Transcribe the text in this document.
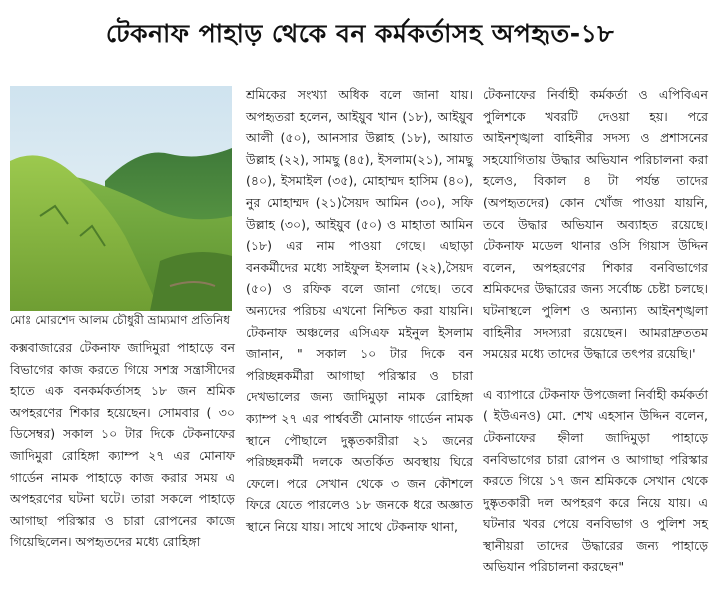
টেকনাফ পাহাড় থেকে বন কর্মকর্তাসহ অপহৃত-১৮

মোঃ মোরশেদ আলম চৌধুরী ভ্রাম্যমাণ প্রতিনিধ

কক্সবাজারের টেকনাফ জাদিমুরা পাহাড়ে বন বিভাগের কাজ করতে গিয়ে সশস্ত্র সন্ত্রাসীদের হাতে এক বনকর্মকর্তাসহ ১৮ জন শ্রমিক অপহরণের শিকার হয়েছেন। সোমবার ( ৩০ ডিসেম্বর) সকাল ১০ টার দিকে টেকনাফের জাদিমুরা রোহিঙ্গা ক্যাম্প ২৭ এর মোনাফ গার্ডেন নামক পাহাড়ে কাজ করার সময় এ অপহরণের ঘটনা ঘটে। তারা সকলে পাহাড়ে আগাছা পরিস্কার ও চারা রোপনের কাজে গিয়েছিলেন। অপহৃতদের মধ্যে রোহিঙ্গা

শ্রমিকের সংখ্যা অধিক বলে জানা যায়। অপহৃতরা হলেন, আইয়ুব খান (১৮), আইয়ুব আলী (৫০), আনসার উল্লাহ (১৮), আয়াত উল্লাহ (২২), সামছু (৪৫), ইসলাম(২১), সামছু (৪০), ইসমাইল (৩৫), মোহাম্মদ হাসিম (৪০), নুর মোহাম্মদ (২১)সৈয়দ আমিন (৩০), সফি উল্লাহ (৩০), আইয়ুব (৫০) ও মাহাতা আমিন (১৮) এর নাম পাওয়া গেছে। এছাড়া বনকর্মীদের মধ্যে সাইফুল ইসলাম (২২),সৈয়দ (৫০) ও রফিক বলে জানা গেছে। তবে অন্যদের পরিচয় এখনো নিশ্চিত করা যায়নি।টেকনাফ অঞ্চলের এসিএফ মইনুল ইসলাম জানান, " সকাল ১০ টার দিকে বন পরিচ্ছন্নকর্মীরা আগাছা পরিস্কার ও চারা দেখভালের জন্য জাদিমুড়া নামক রোহিঙ্গা ক্যাম্প ২৭ এর পার্শ্ববর্তী মোনাফ গার্ডেন নামক স্থানে পৌছালে দুষ্কৃতকারীরা ২১ জনের পরিচ্ছন্নকর্মী দলকে অতর্কিত অবস্থায় ঘিরে ফেলে। পরে সেখান থেকে ৩ জন কৌশলে ফিরে যেতে পারলেও ১৮ জনকে ধরে অজ্ঞাত স্থানে নিয়ে যায়। সাথে সাথে টেকনাফ থানা,

টেকনাফের নির্বাহী কর্মকর্তা ও এপিবিএন পুলিশকে খবরটি দেওয়া হয়। পরে আইনশৃঙ্খলা বাহিনীর সদস্য ও প্রশাসনের সহযোগিতায় উদ্ধার অভিযান পরিচালনা করা হলেও, বিকাল ৪ টা পর্যন্ত তাদের (অপহৃতদের) কোন খোঁজ পাওয়া যায়নি, তবে উদ্ধার অভিযান অব্যাহত রয়েছে। টেকনাফ মডেল থানার ওসি গিয়াস উদ্দিন বলেন, অপহরণের শিকার বনবিভাগের শ্রমিকদের উদ্ধারের জন্য সর্বোচ্চ চেষ্টা চলছে। ঘটনাস্থলে পুলিশ ও অন্যান্য আইনশৃঙ্খলা বাহিনীর সদস্যরা রয়েছেন। আমরাদ্রুততম সময়ের মধ্যে তাদের উদ্ধারে তৎপর রয়েছি।'

এ ব্যাপারে টেকনাফ উপজেলা নির্বাহী কর্মকর্তা ( ইউএনও) মো. শেখ এহসান উদ্দিন বলেন, টেকনাফের হ্নীলা জাদিমুড়া পাহাড়ে বনবিভাগের চারা রোপন ও আগাছা পরিস্কার করতে গিয়ে ১৭ জন শ্রমিককে সেখান থেকে দুষ্কৃতকারী দল অপহরণ করে নিয়ে যায়। এ ঘটনার খবর পেয়ে বনবিভাগ ও পুলিশ সহ স্থানীয়রা তাদের উদ্ধারের জন্য পাহাড়ে অভিযান পরিচালনা করছেন"
